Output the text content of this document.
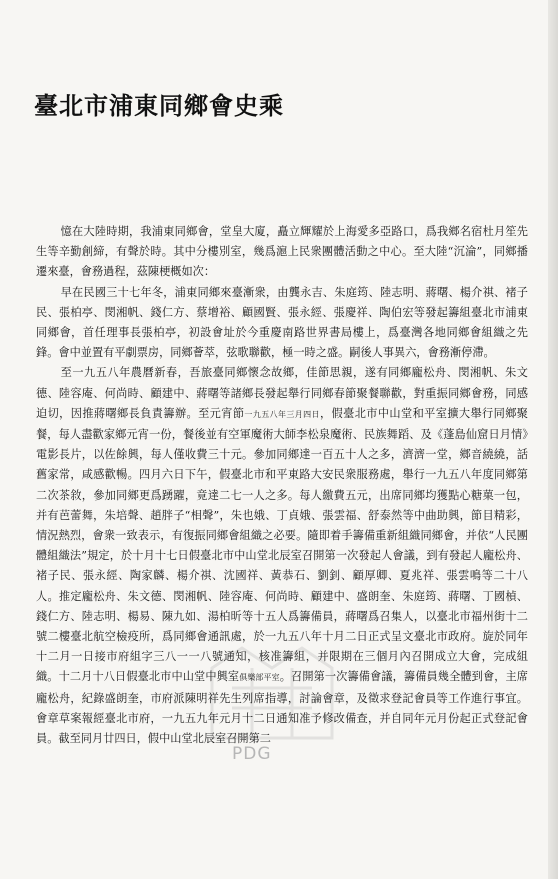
臺北市浦東同鄉會史乘

憶在大陸時期，我浦東同鄉會，堂皇大廈，矗立輝耀於上海愛多亞路口，爲我鄉名宿杜月笙先生等辛勤創締，有聲於時。其中分樓別室，幾爲滬上民衆團體活動之中心。至大陸“沉淪”，同鄉播遷來臺，會務過程，茲陳梗概如次：

早在民國三十七年冬，浦東同鄉來臺漸衆，由龔永吉、朱庭筠、陸志明、蔣曙、楊介祺、褚子民、張柏亭、閔湘帆、錢仁方、蔡增裕、顧國賢、張永經、張慶祥、陶伯宏等發起籌組臺北市浦東同鄉會，首任理事長張柏亭，初設會址於今重慶南路世界書局樓上，爲臺灣各地同鄉會組織之先鋒。會中並置有平劇票房，同鄉薈萃，弦歌聯歡，極一時之盛。嗣後人事異六，會務漸停滯。

至一九五八年農曆新春，吾旅臺同鄉懷念故鄉，佳節思親，遂有同鄉龐松舟、閔湘帆、朱文德、陸容庵、何尚時、顧建中、蔣曙等諸鄉長發起舉行同鄉春節聚餐聯歡，對重振同鄉會務，同感迫切，因推蔣曙鄉長負責籌辦。至元宵節一九五八年三月四日，假臺北市中山堂和平室擴大舉行同鄉聚餐，每人盡歡家鄉元宵一份，餐後並有空軍魔術大師李松泉魔術、民族舞蹈、及《蓬島仙窟日月情》電影長片，以佐餘興，每人僅收費三十元。參加同鄉達一百五十人之多，濟濟一堂，鄉音繞繞，話舊家常，咸感歡暢。四月六日下午，假臺北市和平東路大安民衆服務處，舉行一九五八年度同鄉第二次茶敘，參加同鄉更爲踴躍，竟達二七一人之多。每人繳費五元，出席同鄉均獲點心糖菓一包，并有芭蕾舞，朱培聲、趙胖子“相聲”，朱也娥、丁貞娥、張雲福、舒泰然等中曲助興，節目精彩，情況熱烈，會衆一致表示，有復振同鄉會組織之必要。隨即着手籌備重新組織同鄉會，并依“人民團體組織法”規定，於十月十七日假臺北市中山堂北辰室召開第一次發起人會議，到有發起人龐松舟、褚子民、張永經、陶家麟、楊介祺、沈國祥、黃恭石、劉釗、顧厚卿、夏兆祥、張雲鳴等二十八人。推定龐松舟、朱文德、閔湘帆、陸容庵、何尚時、顧建中、盛朗奎、朱庭筠、蔣曙、丁國楨、錢仁方、陸志明、楊易、陳九如、湯柏昕等十五人爲籌備員，蔣曙爲召集人，以臺北市福州街十二號二樓臺北航空檢疫所，爲同鄉會通訊處，於一九五八年十月二日正式呈文臺北市政府。旋於同年十二月一日接市府組字三八一一八號通知，核准籌組，并限期在三個月內召開成立大會，完成組織。十二月十八日假臺北市中山堂中興室俱樂部平室。召開第一次籌備會議，籌備員幾全體到會，主席龐松舟，紀錄盛朗奎，市府派陳明祥先生列席指導，討論會章，及徵求登記會員等工作進行事宜。會章草案報經臺北市府，一九五九年元月十二日通知准予修改備查，并自同年元月份起正式登記會員。截至同月廿四日，假中山堂北辰室召開第二

PDG
